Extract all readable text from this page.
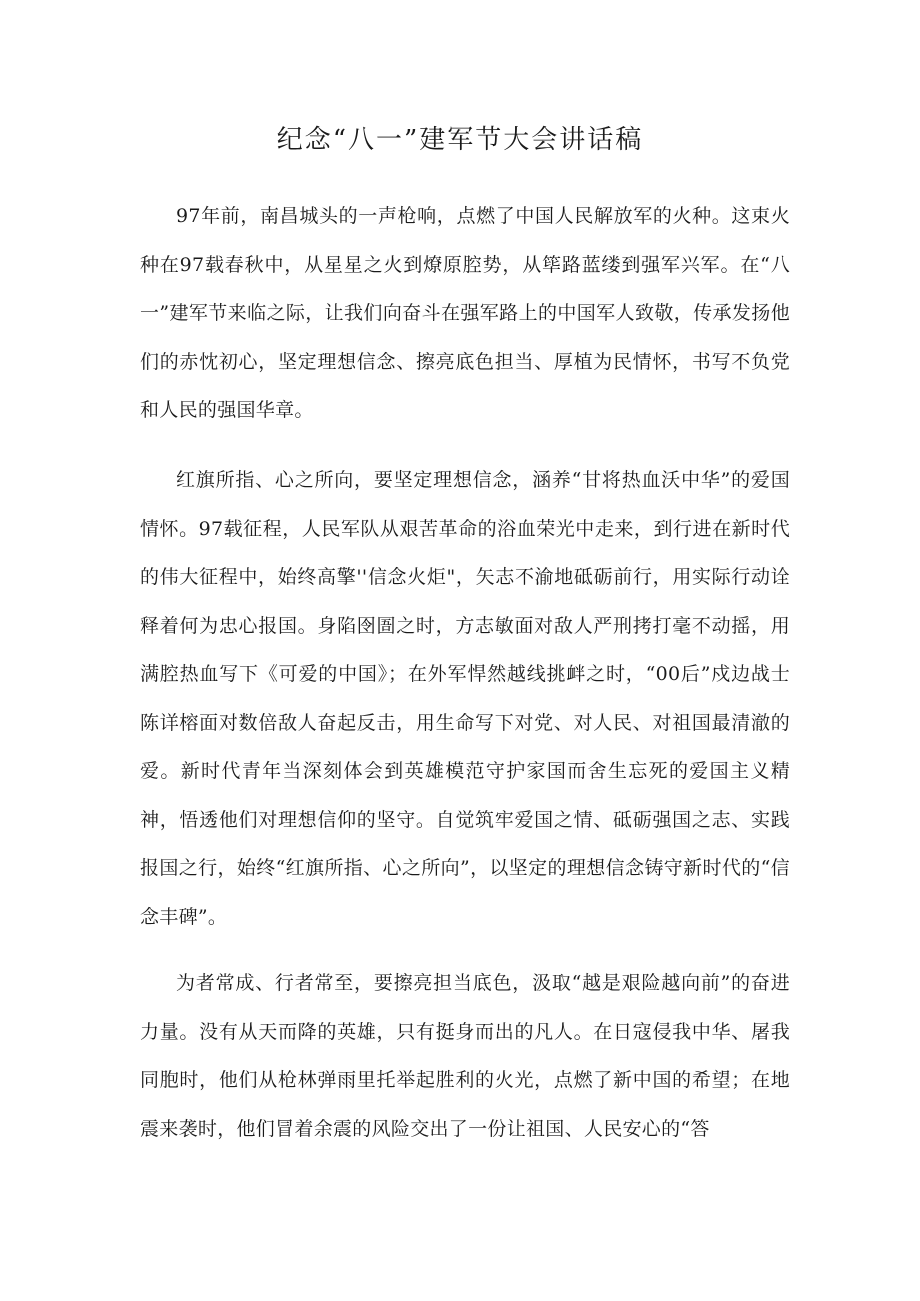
纪念“八一”建军节大会讲话稿

97年前，南昌城头的一声枪响，点燃了中国人民解放军的火种。这束火种在97载春秋中，从星星之火到燎原腔势，从筚路蓝缕到强军兴军。在“八一”建军节来临之际，让我们向奋斗在强军路上的中国军人致敬，传承发扬他们的赤忱初心，坚定理想信念、擦亮底色担当、厚植为民情怀，书写不负党和人民的强国华章。

红旗所指、心之所向，要坚定理想信念，涵养“甘将热血沃中华”的爱国情怀。97载征程，人民军队从艰苦革命的浴血荣光中走来，到行进在新时代的伟大征程中，始终高擎''信念火炬"，矢志不渝地砥砺前行，用实际行动诠释着何为忠心报国。身陷囹圄之时，方志敏面对敌人严刑拷打毫不动摇，用满腔热血写下《可爱的中国》；在外军悍然越线挑衅之时，“00后”戍边战士陈详榕面对数倍敌人奋起反击，用生命写下对党、对人民、对祖国最清澈的爱。新时代青年当深刻体会到英雄模范守护家国而舍生忘死的爱国主义精神，悟透他们对理想信仰的坚守。自觉筑牢爱国之情、砥砺强国之志、实践报国之行，始终“红旗所指、心之所向”，以坚定的理想信念铸守新时代的“信念丰碑”。

为者常成、行者常至，要擦亮担当底色，汲取“越是艰险越向前”的奋进力量。没有从天而降的英雄，只有挺身而出的凡人。在日寇侵我中华、屠我同胞时，他们从枪林弹雨里托举起胜利的火光，点燃了新中国的希望；在地震来袭时，他们冒着余震的风险交出了一份让祖国、人民安心的“答
